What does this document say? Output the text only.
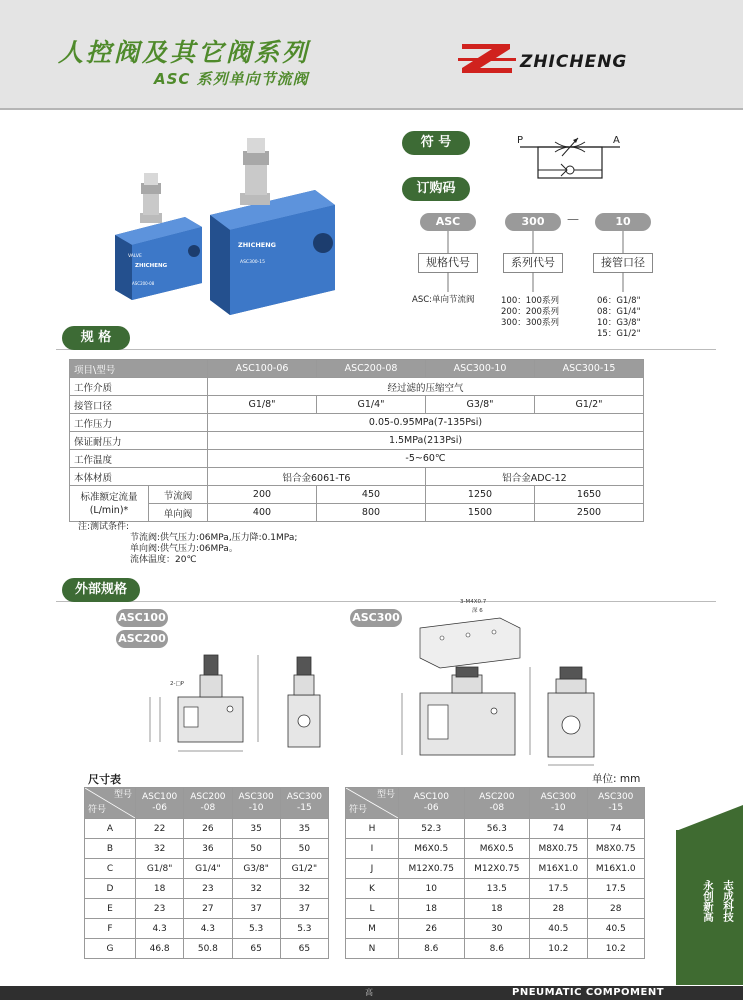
人控阀及其它阀系列
ASC 系列单向节流阀
ZHICHENG
ZHICHENG
ASC300-15
VALVE
ZHICHENG
ASC200-08
符 号	P	A
订购码
ASC	300	—	10
规格代号	系列代号	接管口径
ASC:单向节流阀	100：100系列
200：200系列
300：300系列
06：G1/8"
08：G1/4"
10：G3/8"
15：G1/2"
规 格
项目\型号		ASC100-06	ASC200-08	ASC300-10	ASC300-15
工作介质		经过滤的压缩空气			
接管口径		G1/8"	G1/4"	G3/8"	G1/2"
工作压力		0.05-0.95MPa(7-135Psi)			
保证耐压力		1.5MPa(213Psi)			
工作温度		-5~60℃			
本体材质		铝合金6061-T6		铝合金ADC-12	
标准额定流量
(L/min)*	节流阀	200	450	1250	1650
	单向阀	400	800	1500	2500
注:测试条件:
节流阀:供气压力:06MPa,压力降:0.1MPa;
单向阀:供气压力:06MPa。
流体温度：20℃
外部规格
ASC100
ASC200
ASC300
2-□P
3-M4X0.7
深 6
尺寸表	单位: mm
型号
符号	ASC100
-06	ASC200
-08	ASC300
-10	ASC300
-15
A	22	26	35	35
B	32	36	50	50
C	G1/8"	G1/4"	G3/8"	G1/2"
D	18	23	32	32
E	23	27	37	37
F	4.3	4.3	5.3	5.3
G	46.8	50.8	65	65
型号
符号	ASC100
-06	ASC200
-08	ASC300
-10	ASC300
-15
H	52.3	56.3	74	74
I	M6X0.5	M6X0.5	M8X0.75	M8X0.75
J	M12X0.75	M12X0.75	M16X1.0	M16X1.0
K	10	13.5	17.5	17.5
L	18	18	28	28
M	26	30	40.5	40.5
N	8.6	8.6	10.2	10.2
志成科技
永创新高
高	PNEUMATIC COMPOMENT
